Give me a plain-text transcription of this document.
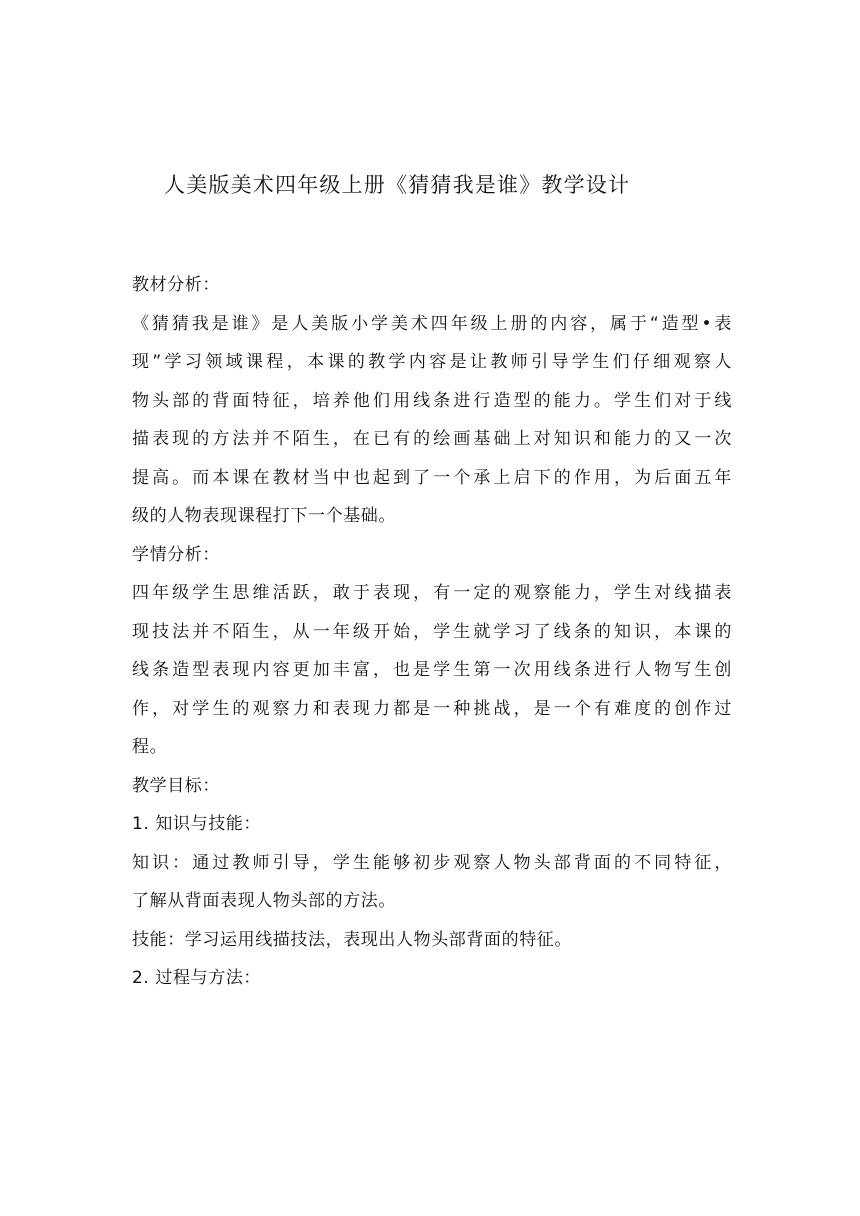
人美版美术四年级上册《猜猜我是谁》教学设计
教材分析：
《猜猜我是谁》是人美版小学美术四年级上册的内容，属于“造型•表
现”学习领域课程，本课的教学内容是让教师引导学生们仔细观察人
物头部的背面特征，培养他们用线条进行造型的能力。学生们对于线
描表现的方法并不陌生，在已有的绘画基础上对知识和能力的又一次
提高。而本课在教材当中也起到了一个承上启下的作用，为后面五年
级的人物表现课程打下一个基础。
学情分析：
四年级学生思维活跃，敢于表现，有一定的观察能力，学生对线描表
现技法并不陌生，从一年级开始，学生就学习了线条的知识，本课的
线条造型表现内容更加丰富，也是学生第一次用线条进行人物写生创
作，对学生的观察力和表现力都是一种挑战，是一个有难度的创作过
程。
教学目标：
1. 知识与技能：
知识：通过教师引导，学生能够初步观察人物头部背面的不同特征，
了解从背面表现人物头部的方法。
技能：学习运用线描技法，表现出人物头部背面的特征。
2. 过程与方法：
